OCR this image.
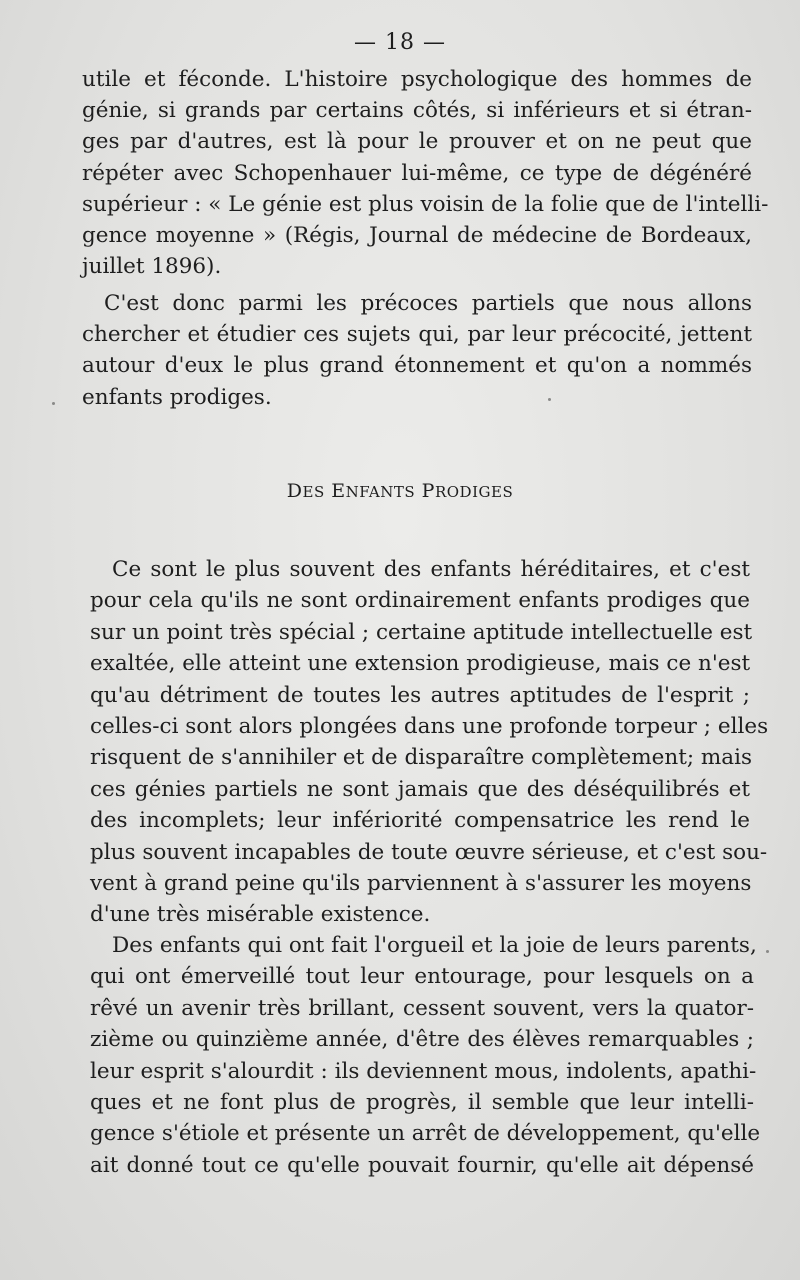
— 18 —
utile et féconde. L'histoire psychologique des hommes de
génie, si grands par certains côtés, si inférieurs et si étran-
ges par d'autres, est là pour le prouver et on ne peut que
répéter avec Schopenhauer lui-même, ce type de dégénéré
supérieur : « Le génie est plus voisin de la folie que de l'intelli-
gence moyenne » (Régis, Journal de médecine de Bordeaux,
juillet 1896).
C'est donc parmi les précoces partiels que nous allons
chercher et étudier ces sujets qui, par leur précocité, jettent
autour d'eux le plus grand étonnement et qu'on a nommés
enfants prodiges.
DES ENFANTS PRODIGES
Ce sont le plus souvent des enfants héréditaires, et c'est
pour cela qu'ils ne sont ordinairement enfants prodiges que
sur un point très spécial ; certaine aptitude intellectuelle est
exaltée, elle atteint une extension prodigieuse, mais ce n'est
qu'au détriment de toutes les autres aptitudes de l'esprit ;
celles-ci sont alors plongées dans une profonde torpeur ; elles
risquent de s'annihiler et de disparaître complètement; mais
ces génies partiels ne sont jamais que des déséquilibrés et
des incomplets; leur infériorité compensatrice les rend le
plus souvent incapables de toute œuvre sérieuse, et c'est sou-
vent à grand peine qu'ils parviennent à s'assurer les moyens
d'une très misérable existence.
Des enfants qui ont fait l'orgueil et la joie de leurs parents,
qui ont émerveillé tout leur entourage, pour lesquels on a
rêvé un avenir très brillant, cessent souvent, vers la quator-
zième ou quinzième année, d'être des élèves remarquables ;
leur esprit s'alourdit : ils deviennent mous, indolents, apathi-
ques et ne font plus de progrès, il semble que leur intelli-
gence s'étiole et présente un arrêt de développement, qu'elle
ait donné tout ce qu'elle pouvait fournir, qu'elle ait dépensé
